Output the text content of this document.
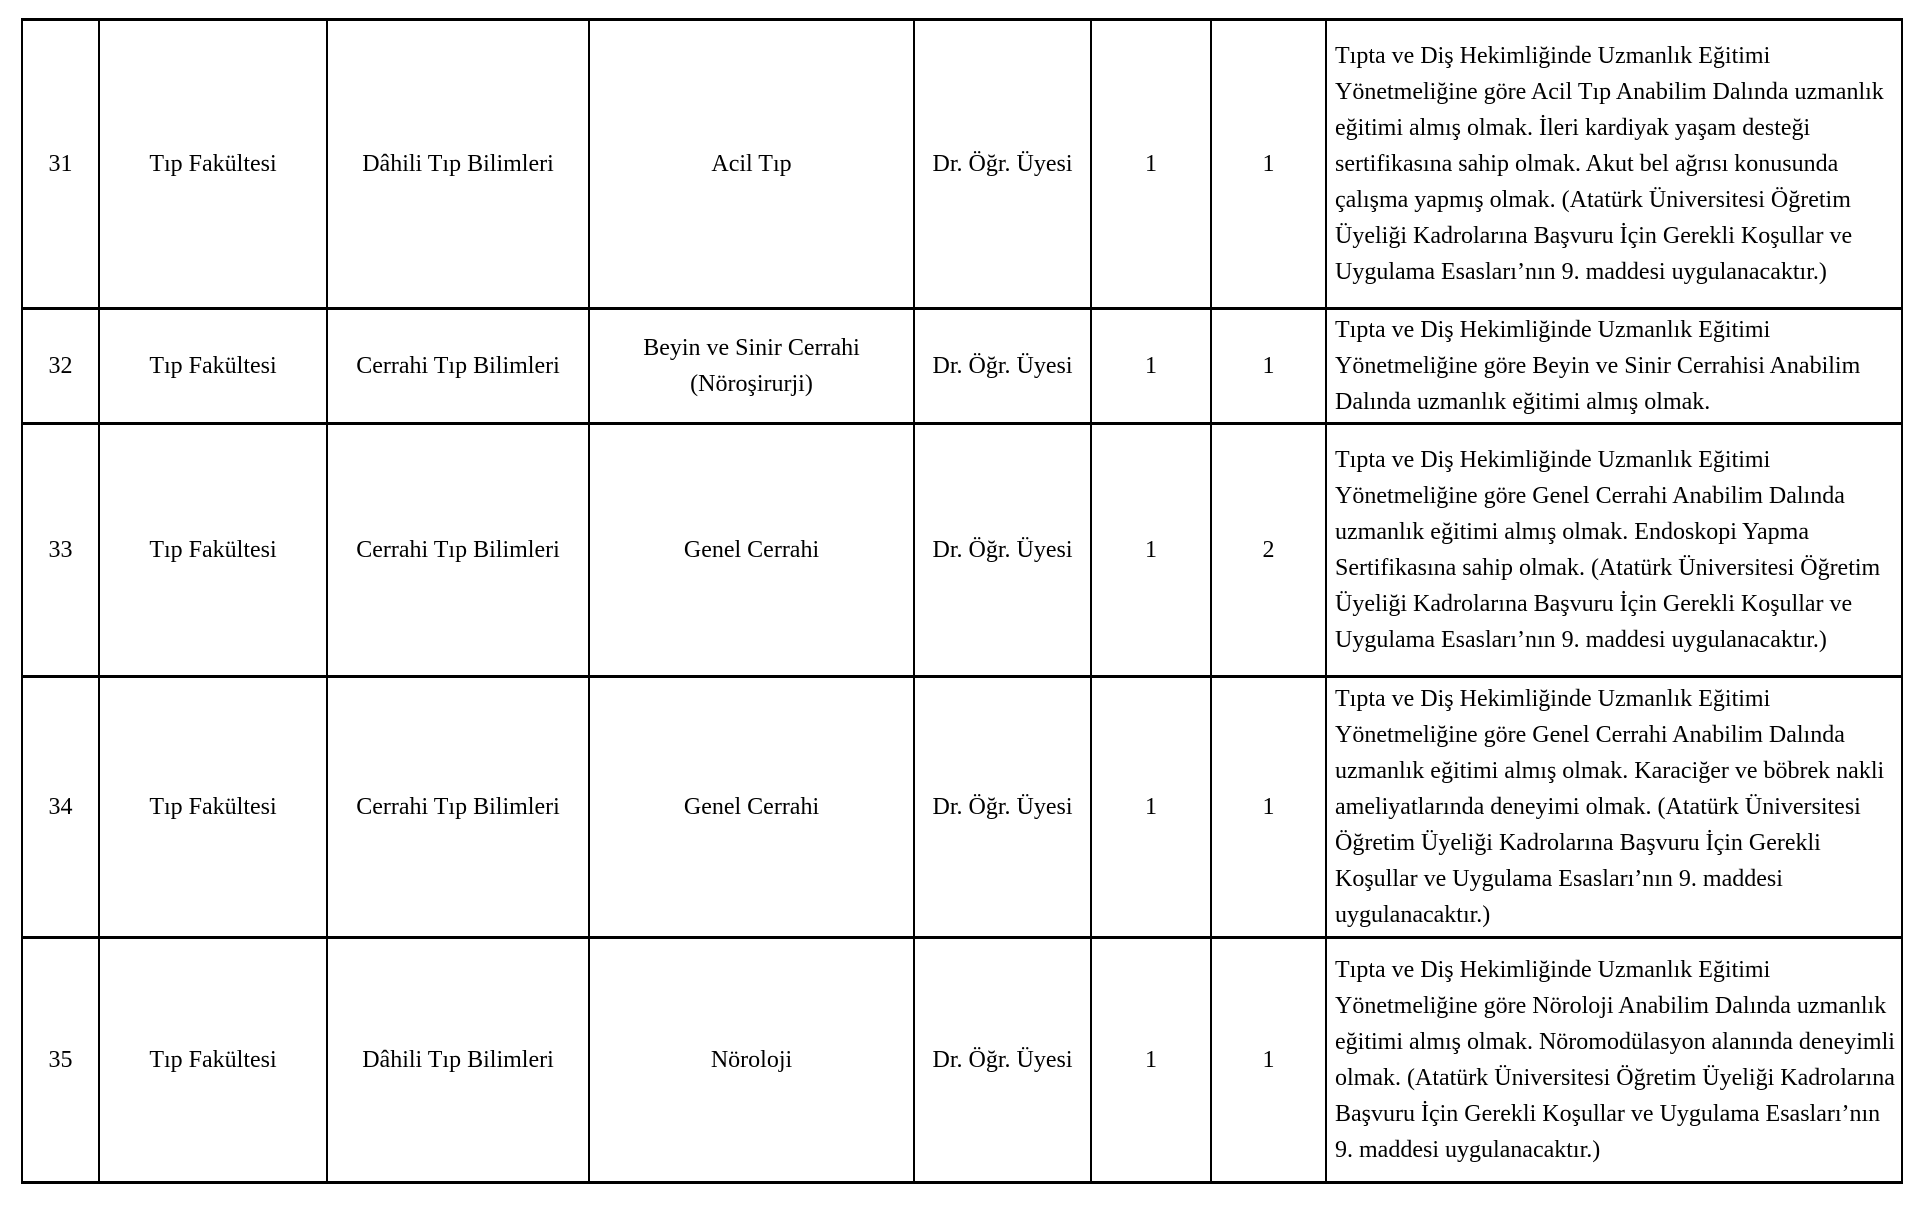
31	Tıp Fakültesi	Dâhili Tıp Bilimleri	Acil Tıp	Dr. Öğr. Üyesi	1	1	Tıpta ve Diş Hekimliğinde Uzmanlık Eğitimi Yönetmeliğine göre Acil Tıp Anabilim Dalında uzmanlık eğitimi almış olmak. İleri kardiyak yaşam desteği sertifikasına sahip olmak. Akut bel ağrısı konusunda çalışma yapmış olmak. (Atatürk Üniversitesi Öğretim Üyeliği Kadrolarına Başvuru İçin Gerekli Koşullar ve Uygulama Esasları’nın 9. maddesi uygulanacaktır.)
32	Tıp Fakültesi	Cerrahi Tıp Bilimleri	Beyin ve Sinir Cerrahi (Nöroşirurji)	Dr. Öğr. Üyesi	1	1	Tıpta ve Diş Hekimliğinde Uzmanlık Eğitimi Yönetmeliğine göre Beyin ve Sinir Cerrahisi Anabilim Dalında uzmanlık eğitimi almış olmak.
33	Tıp Fakültesi	Cerrahi Tıp Bilimleri	Genel Cerrahi	Dr. Öğr. Üyesi	1	2	Tıpta ve Diş Hekimliğinde Uzmanlık Eğitimi Yönetmeliğine göre Genel Cerrahi Anabilim Dalında uzmanlık eğitimi almış olmak. Endoskopi Yapma Sertifikasına sahip olmak. (Atatürk Üniversitesi Öğretim Üyeliği Kadrolarına Başvuru İçin Gerekli Koşullar ve Uygulama Esasları’nın 9. maddesi uygulanacaktır.)
34	Tıp Fakültesi	Cerrahi Tıp Bilimleri	Genel Cerrahi	Dr. Öğr. Üyesi	1	1	Tıpta ve Diş Hekimliğinde Uzmanlık Eğitimi Yönetmeliğine göre Genel Cerrahi Anabilim Dalında uzmanlık eğitimi almış olmak. Karaciğer ve böbrek nakli ameliyatlarında deneyimi olmak. (Atatürk Üniversitesi Öğretim Üyeliği Kadrolarına Başvuru İçin Gerekli Koşullar ve Uygulama Esasları’nın 9. maddesi uygulanacaktır.)
35	Tıp Fakültesi	Dâhili Tıp Bilimleri	Nöroloji	Dr. Öğr. Üyesi	1	1	Tıpta ve Diş Hekimliğinde Uzmanlık Eğitimi Yönetmeliğine göre Nöroloji Anabilim Dalında uzmanlık eğitimi almış olmak. Nöromodülasyon alanında deneyimli olmak. (Atatürk Üniversitesi Öğretim Üyeliği Kadrolarına Başvuru İçin Gerekli Koşullar ve Uygulama Esasları’nın 9. maddesi uygulanacaktır.)
